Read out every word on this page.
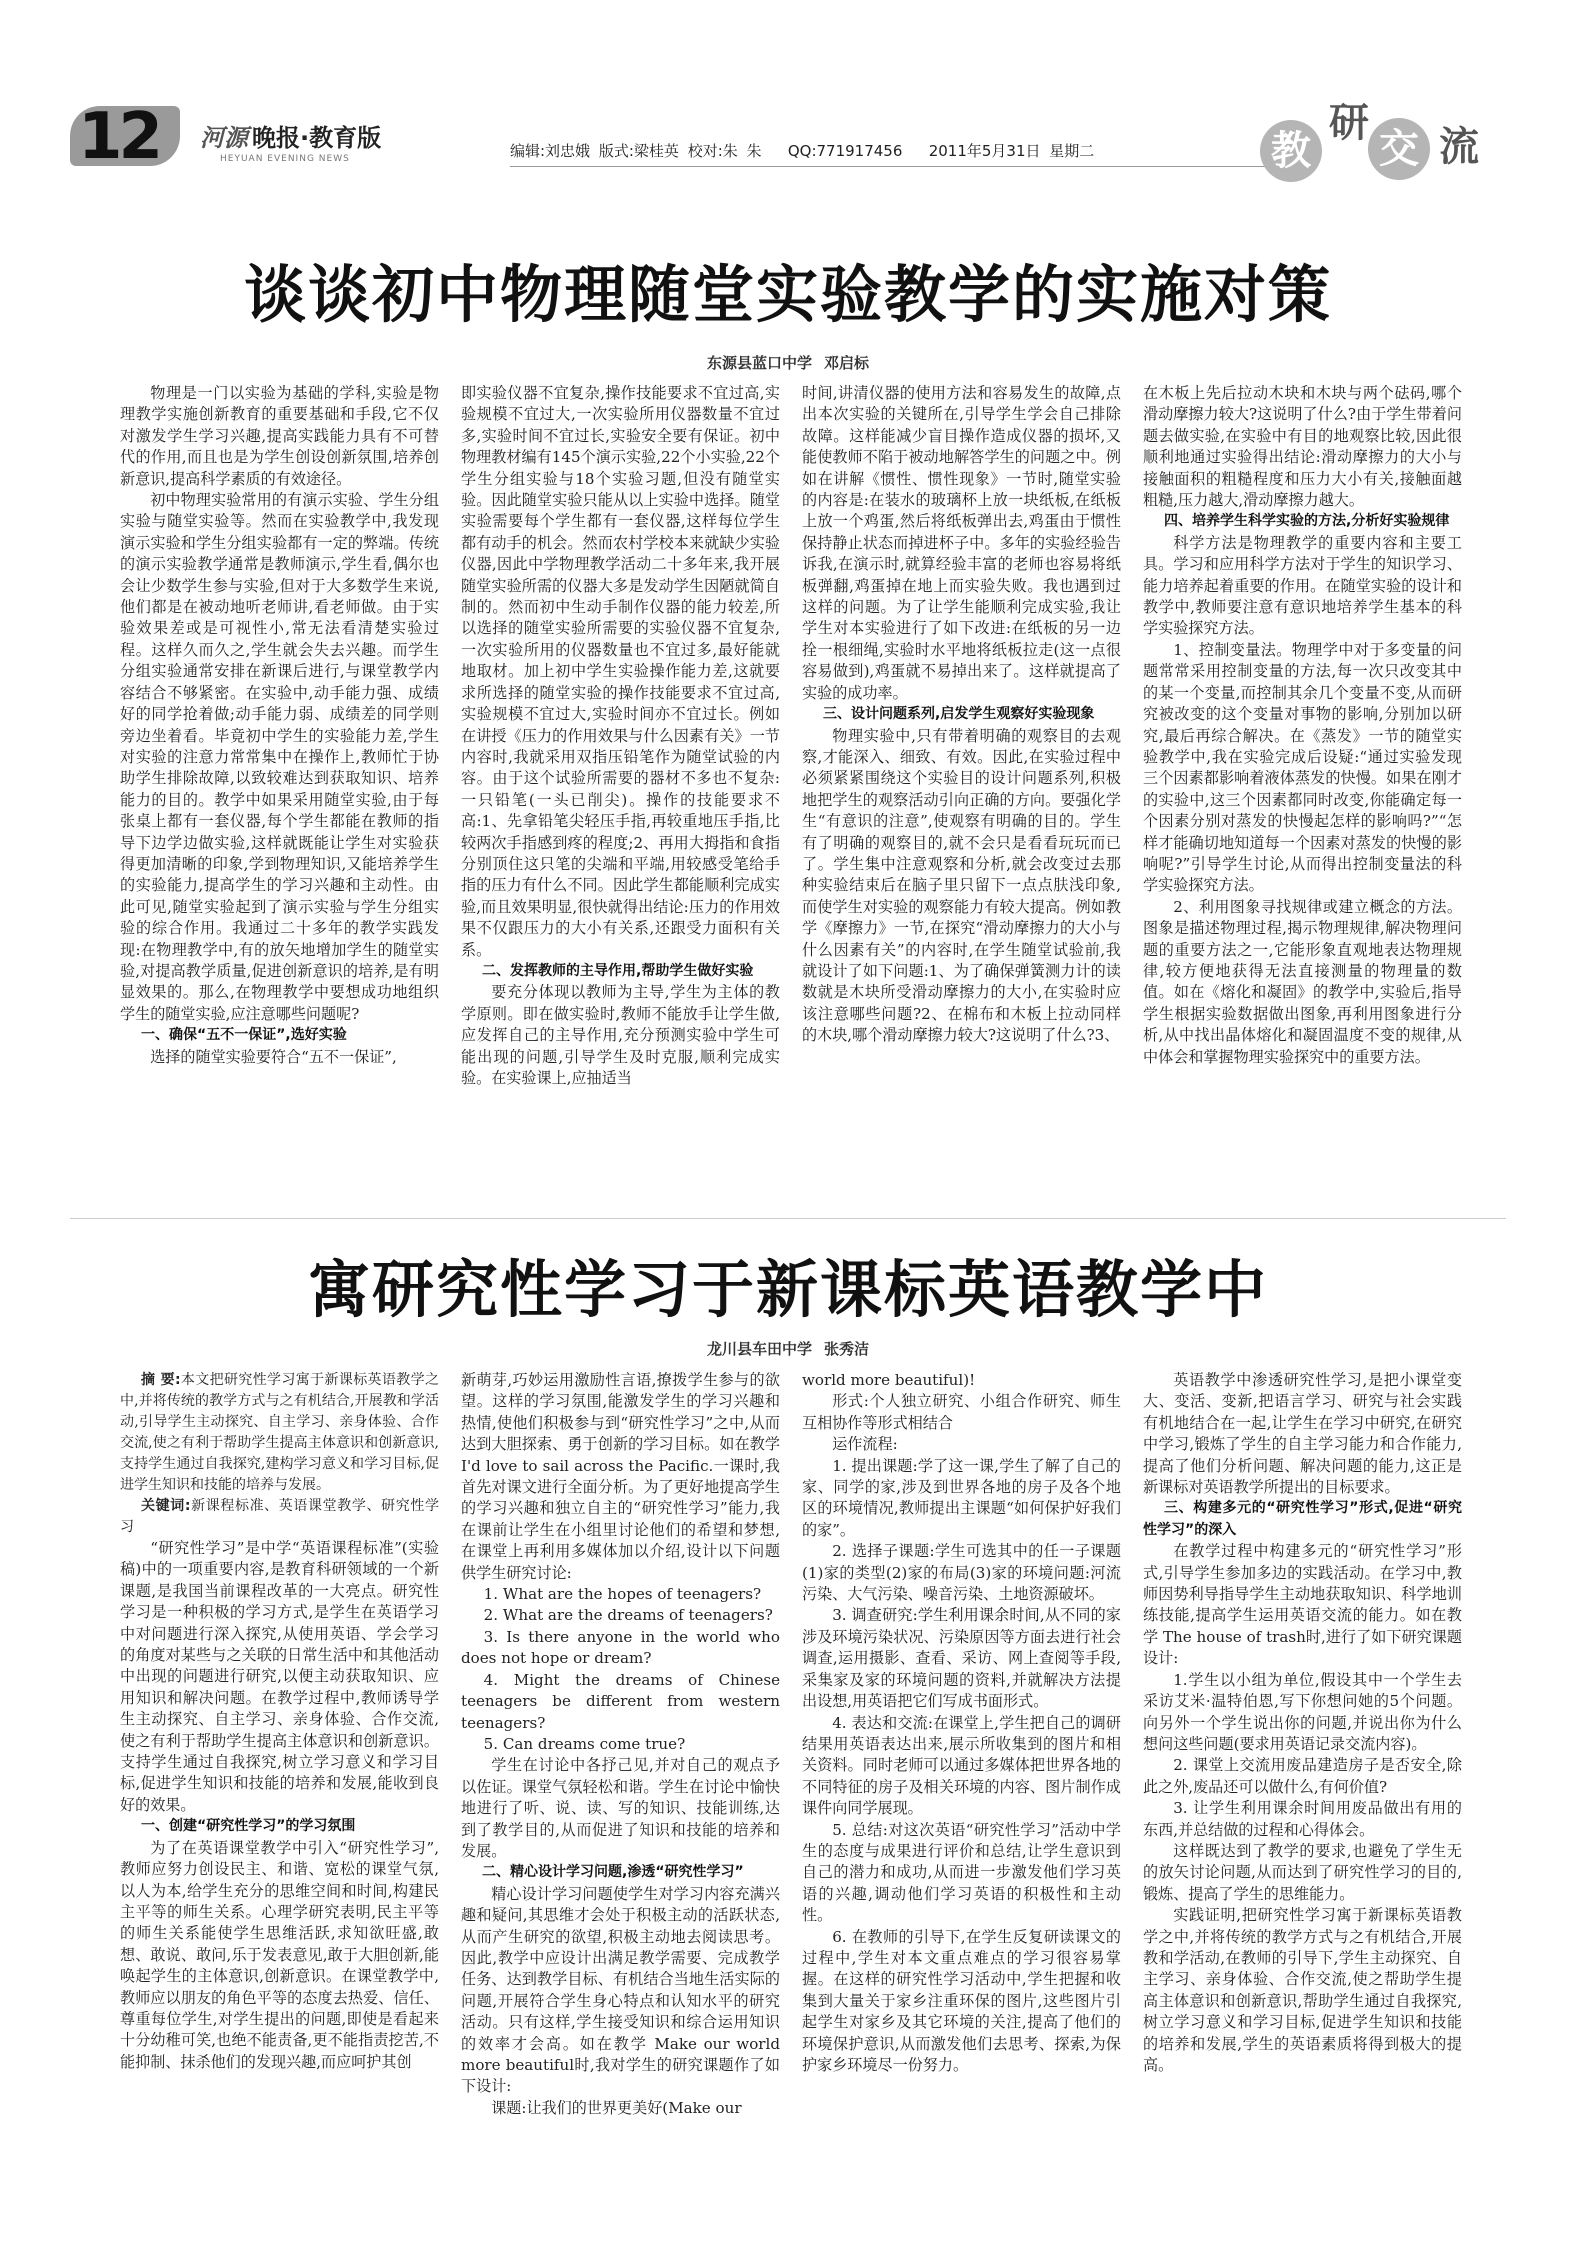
12 河源 晚报·教育版
HEYUAN EVENING NEWS	编辑:刘忠娥 版式:梁桂英 校对:朱 朱 QQ:771917456 2011年5月31日 星期二	教
研
交 流
谈谈初中物理随堂实验教学的实施对策
东源县蓝口中学 邓启标

物理是一门以实验为基础的学科,实验是物理教学实施创新教育的重要基础和手段,它不仅对激发学生学习兴趣,提高实践能力具有不可替代的作用,而且也是为学生创设创新氛围,培养创新意识,提高科学素质的有效途径。

初中物理实验常用的有演示实验、学生分组实验与随堂实验等。然而在实验教学中,我发现演示实验和学生分组实验都有一定的弊端。传统的演示实验教学通常是教师演示,学生看,偶尔也会让少数学生参与实验,但对于大多数学生来说,他们都是在被动地听老师讲,看老师做。由于实验效果差或是可视性小,常无法看清楚实验过程。这样久而久之,学生就会失去兴趣。而学生分组实验通常安排在新课后进行,与课堂教学内容结合不够紧密。在实验中,动手能力强、成绩好的同学抢着做;动手能力弱、成绩差的同学则旁边坐着看。毕竟初中学生的实验能力差,学生对实验的注意力常常集中在操作上,教师忙于协助学生排除故障,以致较难达到获取知识、培养能力的目的。教学中如果采用随堂实验,由于每张桌上都有一套仪器,每个学生都能在教师的指导下边学边做实验,这样就既能让学生对实验获得更加清晰的印象,学到物理知识,又能培养学生的实验能力,提高学生的学习兴趣和主动性。由此可见,随堂实验起到了演示实验与学生分组实验的综合作用。我通过二十多年的教学实践发现:在物理教学中,有的放矢地增加学生的随堂实验,对提高教学质量,促进创新意识的培养,是有明显效果的。那么,在物理教学中要想成功地组织学生的随堂实验,应注意哪些问题呢?

一、确保“五不一保证”,选好实验

选择的随堂实验要符合“五不一保证”,

即实验仪器不宜复杂,操作技能要求不宜过高,实验规模不宜过大,一次实验所用仪器数量不宜过多,实验时间不宜过长,实验安全要有保证。初中物理教材编有145个演示实验,22个小实验,22个学生分组实验与18个实验习题,但没有随堂实验。因此随堂实验只能从以上实验中选择。随堂实验需要每个学生都有一套仪器,这样每位学生都有动手的机会。然而农村学校本来就缺少实验仪器,因此中学物理教学活动二十多年来,我开展随堂实验所需的仪器大多是发动学生因陋就简自制的。然而初中生动手制作仪器的能力较差,所以选择的随堂实验所需要的实验仪器不宜复杂,一次实验所用的仪器数量也不宜过多,最好能就地取材。加上初中学生实验操作能力差,这就要求所选择的随堂实验的操作技能要求不宜过高,实验规模不宜过大,实验时间亦不宜过长。例如在讲授《压力的作用效果与什么因素有关》一节内容时,我就采用双指压铅笔作为随堂试验的内容。由于这个试验所需要的器材不多也不复杂:一只铅笔(一头已削尖)。操作的技能要求不高:1、先拿铅笔尖轻压手指,再较重地压手指,比较两次手指感到疼的程度;2、再用大拇指和食指分别顶住这只笔的尖端和平端,用较感受笔给手指的压力有什么不同。因此学生都能顺利完成实验,而且效果明显,很快就得出结论:压力的作用效果不仅跟压力的大小有关系,还跟受力面积有关系。

二、发挥教师的主导作用,帮助学生做好实验

要充分体现以教师为主导,学生为主体的教学原则。即在做实验时,教师不能放手让学生做,应发挥自己的主导作用,充分预测实验中学生可能出现的问题,引导学生及时克服,顺利完成实验。在实验课上,应抽适当

时间,讲清仪器的使用方法和容易发生的故障,点出本次实验的关键所在,引导学生学会自己排除故障。这样能减少盲目操作造成仪器的损坏,又能使教师不陷于被动地解答学生的问题之中。例如在讲解《惯性、惯性现象》一节时,随堂实验的内容是:在装水的玻璃杯上放一块纸板,在纸板上放一个鸡蛋,然后将纸板弹出去,鸡蛋由于惯性保持静止状态而掉进杯子中。多年的实验经验告诉我,在演示时,就算经验丰富的老师也容易将纸板弹翻,鸡蛋掉在地上而实验失败。我也遇到过这样的问题。为了让学生能顺利完成实验,我让学生对本实验进行了如下改进:在纸板的另一边拴一根细绳,实验时水平地将纸板拉走(这一点很容易做到),鸡蛋就不易掉出来了。这样就提高了实验的成功率。

三、设计问题系列,启发学生观察好实验现象

物理实验中,只有带着明确的观察目的去观察,才能深入、细致、有效。因此,在实验过程中必须紧紧围绕这个实验目的设计问题系列,积极地把学生的观察活动引向正确的方向。要强化学生“有意识的注意”,使观察有明确的目的。学生有了明确的观察目的,就不会只是看看玩玩而已了。学生集中注意观察和分析,就会改变过去那种实验结束后在脑子里只留下一点点肤浅印象,而使学生对实验的观察能力有较大提高。例如教学《摩擦力》一节,在探究“滑动摩擦力的大小与什么因素有关”的内容时,在学生随堂试验前,我就设计了如下问题:1、为了确保弹簧测力计的读数就是木块所受滑动摩擦力的大小,在实验时应该注意哪些问题?2、在棉布和木板上拉动同样的木块,哪个滑动摩擦力较大?这说明了什么?3、

在木板上先后拉动木块和木块与两个砝码,哪个滑动摩擦力较大?这说明了什么?由于学生带着问题去做实验,在实验中有目的地观察比较,因此很顺利地通过实验得出结论:滑动摩擦力的大小与接触面积的粗糙程度和压力大小有关,接触面越粗糙,压力越大,滑动摩擦力越大。

四、培养学生科学实验的方法,分析好实验规律

科学方法是物理教学的重要内容和主要工具。学习和应用科学方法对于学生的知识学习、能力培养起着重要的作用。在随堂实验的设计和教学中,教师要注意有意识地培养学生基本的科学实验探究方法。

1、控制变量法。物理学中对于多变量的问题常常采用控制变量的方法,每一次只改变其中的某一个变量,而控制其余几个变量不变,从而研究被改变的这个变量对事物的影响,分别加以研究,最后再综合解决。在《蒸发》一节的随堂实验教学中,我在实验完成后设疑:“通过实验发现三个因素都影响着液体蒸发的快慢。如果在刚才的实验中,这三个因素都同时改变,你能确定每一个因素分别对蒸发的快慢起怎样的影响吗?”“怎样才能确切地知道每一个因素对蒸发的快慢的影响呢?”引导学生讨论,从而得出控制变量法的科学实验探究方法。

2、利用图象寻找规律或建立概念的方法。图象是描述物理过程,揭示物理规律,解决物理问题的重要方法之一,它能形象直观地表达物理规律,较方便地获得无法直接测量的物理量的数值。如在《熔化和凝固》的教学中,实验后,指导学生根据实验数据做出图象,再利用图象进行分析,从中找出晶体熔化和凝固温度不变的规律,从中体会和掌握物理实验探究中的重要方法。

寓研究性学习于新课标英语教学中
龙川县车田中学 张秀洁

摘 要:本文把研究性学习寓于新课标英语教学之中,并将传统的教学方式与之有机结合,开展教和学活动,引导学生主动探究、自主学习、亲身体验、合作交流,使之有利于帮助学生提高主体意识和创新意识,支持学生通过自我探究,建构学习意义和学习目标,促进学生知识和技能的培养与发展。

关键词:新课程标准、英语课堂教学、研究性学习

“研究性学习”是中学“英语课程标准”(实验稿)中的一项重要内容,是教育科研领域的一个新课题,是我国当前课程改革的一大亮点。研究性学习是一种积极的学习方式,是学生在英语学习中对问题进行深入探究,从使用英语、学会学习的角度对某些与之关联的日常生活中和其他活动中出现的问题进行研究,以便主动获取知识、应用知识和解决问题。在教学过程中,教师诱导学生主动探究、自主学习、亲身体验、合作交流,使之有利于帮助学生提高主体意识和创新意识。支持学生通过自我探究,树立学习意义和学习目标,促进学生知识和技能的培养和发展,能收到良好的效果。

一、创建“研究性学习”的学习氛围

为了在英语课堂教学中引入“研究性学习”,教师应努力创设民主、和谐、宽松的课堂气氛,以人为本,给学生充分的思维空间和时间,构建民主平等的师生关系。心理学研究表明,民主平等的师生关系能使学生思维活跃,求知欲旺盛,敢想、敢说、敢问,乐于发表意见,敢于大胆创新,能唤起学生的主体意识,创新意识。在课堂教学中,教师应以朋友的角色平等的态度去热爱、信任、尊重每位学生,对学生提出的问题,即使是看起来十分幼稚可笑,也绝不能责备,更不能指责挖苦,不能抑制、抹杀他们的发现兴趣,而应呵护其创

新萌芽,巧妙运用激励性言语,撩拨学生参与的欲望。这样的学习氛围,能激发学生的学习兴趣和热情,使他们积极参与到“研究性学习”之中,从而达到大胆探索、勇于创新的学习目标。如在教学 I'd love to sail across the Pacific.一课时,我首先对课文进行全面分析。为了更好地提高学生的学习兴趣和独立自主的“研究性学习”能力,我在课前让学生在小组里讨论他们的希望和梦想,在课堂上再利用多媒体加以介绍,设计以下问题供学生研究讨论:

1. What are the hopes of teenagers?

2. What are the dreams of teenagers?

3. Is there anyone in the world who does not hope or dream?

4. Might the dreams of Chinese teenagers be different from western teenagers?

5. Can dreams come true?

学生在讨论中各抒己见,并对自己的观点予以佐证。课堂气氛轻松和谐。学生在讨论中愉快地进行了听、说、读、写的知识、技能训练,达到了教学目的,从而促进了知识和技能的培养和发展。

二、精心设计学习问题,渗透“研究性学习”

精心设计学习问题使学生对学习内容充满兴趣和疑问,其思维才会处于积极主动的活跃状态,从而产生研究的欲望,积极主动地去阅读思考。因此,教学中应设计出满足教学需要、完成教学任务、达到教学目标、有机结合当地生活实际的问题,开展符合学生身心特点和认知水平的研究活动。只有这样,学生接受知识和综合运用知识的效率才会高。如在教学 Make our world more beautiful时,我对学生的研究课题作了如下设计:

课题:让我们的世界更美好(Make our

world more beautiful)!

形式:个人独立研究、小组合作研究、师生互相协作等形式相结合

运作流程:

1. 提出课题:学了这一课,学生了解了自己的家、同学的家,涉及到世界各地的房子及各个地区的环境情况,教师提出主课题“如何保护好我们的家”。

2. 选择子课题:学生可选其中的任一子课题(1)家的类型(2)家的布局(3)家的环境问题:河流污染、大气污染、噪音污染、土地资源破坏。

3. 调查研究:学生利用课余时间,从不同的家涉及环境污染状况、污染原因等方面去进行社会调查,运用摄影、查看、采访、网上查阅等手段,采集家及家的环境问题的资料,并就解决方法提出设想,用英语把它们写成书面形式。

4. 表达和交流:在课堂上,学生把自己的调研结果用英语表达出来,展示所收集到的图片和相关资料。同时老师可以通过多媒体把世界各地的不同特征的房子及相关环境的内容、图片制作成课件向同学展现。

5. 总结:对这次英语“研究性学习”活动中学生的态度与成果进行评价和总结,让学生意识到自己的潜力和成功,从而进一步激发他们学习英语的兴趣,调动他们学习英语的积极性和主动性。

6. 在教师的引导下,在学生反复研读课文的过程中,学生对本文重点难点的学习很容易掌握。在这样的研究性学习活动中,学生把握和收集到大量关于家乡注重环保的图片,这些图片引起学生对家乡及其它环境的关注,提高了他们的环境保护意识,从而激发他们去思考、探索,为保护家乡环境尽一份努力。

英语教学中渗透研究性学习,是把小课堂变大、变活、变新,把语言学习、研究与社会实践有机地结合在一起,让学生在学习中研究,在研究中学习,锻炼了学生的自主学习能力和合作能力,提高了他们分析问题、解决问题的能力,这正是新课标对英语教学所提出的目标要求。

三、构建多元的“研究性学习”形式,促进“研究性学习”的深入

在教学过程中构建多元的“研究性学习”形式,引导学生参加多边的实践活动。在学习中,教师因势利导指导学生主动地获取知识、科学地训练技能,提高学生运用英语交流的能力。如在教学 The house of trash时,进行了如下研究课题设计:

1.学生以小组为单位,假设其中一个学生去采访艾米·温特伯恩,写下你想问她的5个问题。向另外一个学生说出你的问题,并说出你为什么想问这些问题(要求用英语记录交流内容)。

2. 课堂上交流用废品建造房子是否安全,除此之外,废品还可以做什么,有何价值?

3. 让学生利用课余时间用废品做出有用的东西,并总结做的过程和心得体会。

这样既达到了教学的要求,也避免了学生无的放矢讨论问题,从而达到了研究性学习的目的,锻炼、提高了学生的思维能力。

实践证明,把研究性学习寓于新课标英语教学之中,并将传统的教学方式与之有机结合,开展教和学活动,在教师的引导下,学生主动探究、自主学习、亲身体验、合作交流,使之帮助学生提高主体意识和创新意识,帮助学生通过自我探究,树立学习意义和学习目标,促进学生知识和技能的培养和发展,学生的英语素质将得到极大的提高。
